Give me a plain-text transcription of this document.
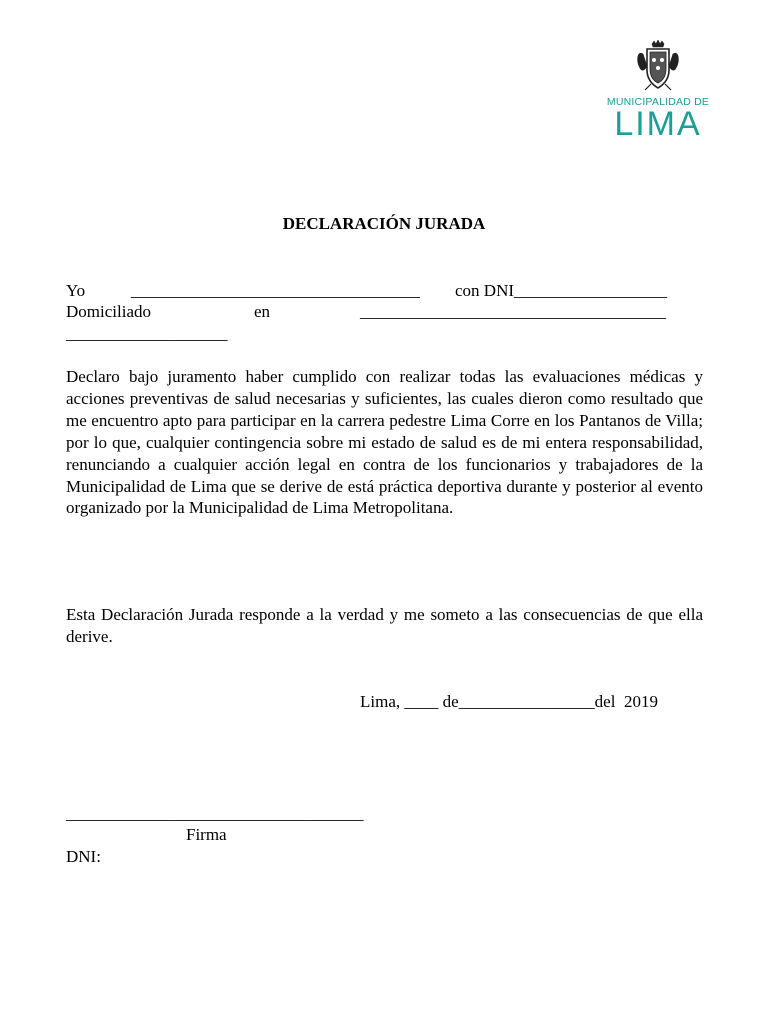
MUNICIPALIDAD DE
LIMA
DECLARACIÓN JURADA
Yo	__________________________________ con DNI__________________
Domiciliado	en	____________________________________
___________________

Declaro bajo juramento haber cumplido con realizar todas las evaluaciones médicas y acciones preventivas de salud necesarias y suficientes, las cuales dieron como resultado que me encuentro apto para participar en la carrera pedestre Lima Corre en los Pantanos de Villa; por lo que, cualquier contingencia sobre mi estado de salud es de mi entera responsabilidad, renunciando a cualquier acción legal en contra de los funcionarios y trabajadores de la Municipalidad de Lima que se derive de está práctica deportiva durante y posterior al evento organizado por la Municipalidad de Lima Metropolitana.

Esta Declaración Jurada responde a la verdad y me someto a las consecuencias de que ella derive.

Lima, ____ de________________del  2019
___________________________________
Firma
DNI:
